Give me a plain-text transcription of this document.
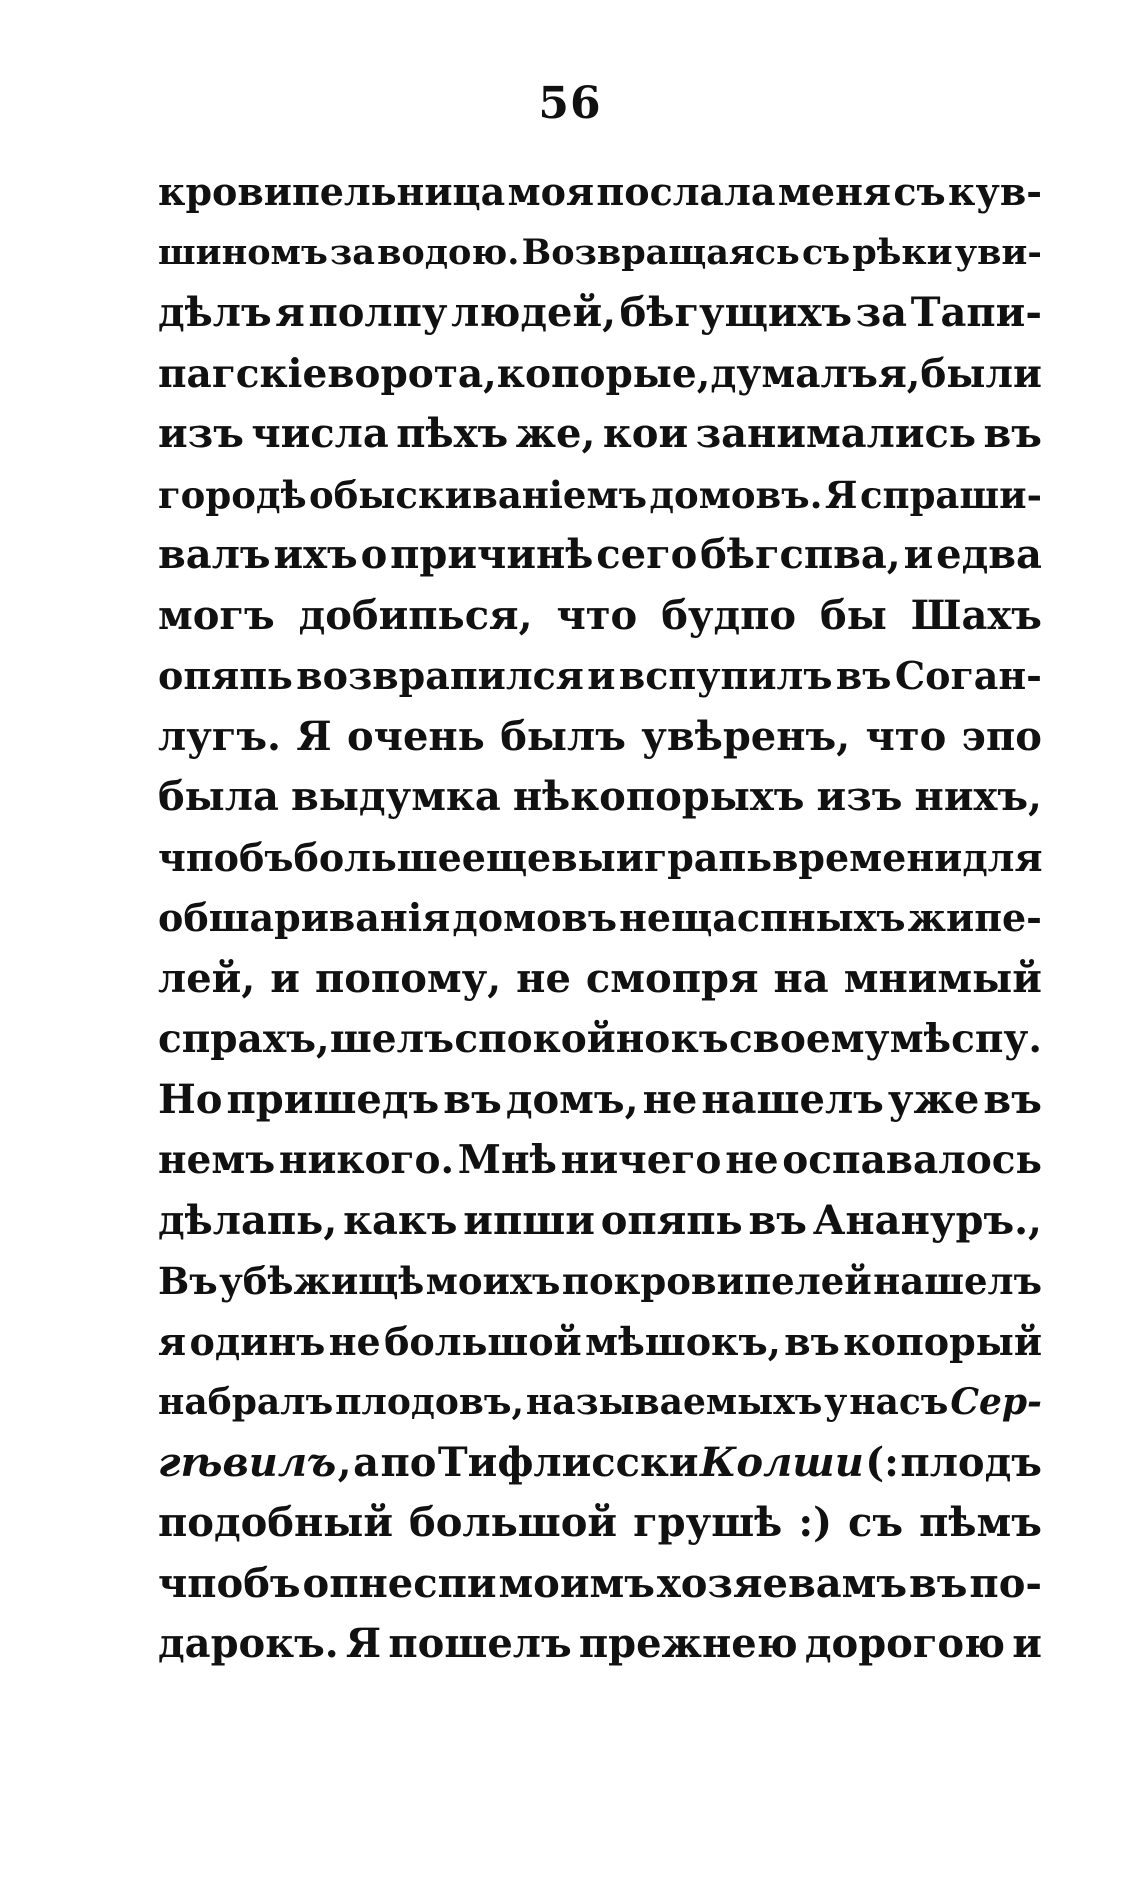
56
кровипельница моя послала меня съ кув-
шиномъ за водою. Возвращаясь съ рѣки уви-
дѣлъ я полпу людей, бѣгущихъ за Тапи-
пагскіе ворота, копорые, думалъ я, были
изъ числа пѣхъ же, кои занимались въ
городѣ обыскиваніемъ домовъ. Я спраши-
валъ ихъ о причинѣ сего бѣгспва, и едва
могъ добипься, что будпо бы Шахъ
опяпь возврапился и вспупилъ въ Соган-
лугъ. Я очень былъ увѣренъ, что эпо
была выдумка нѣкопорыхъ изъ нихъ,
чпобъ больше еще выиграпь времени для
обшариванія домовъ нещаспныхъ жипе-
лей, и попому, не смопря на мнимый
спрахъ, шелъ спокойно къ своему мѣспу.
Но пришедъ въ домъ, не нашелъ уже въ
немъ никого. Мнѣ ничего не оспавалось
дѣлапь, какъ ипши опяпь въ Анануръ.,
Въ убѣжищѣ моихъ покровипелей нашелъ
я одинъ не большой мѣшокъ, въ копорый
набралъ плодовъ, называемыхъ у насъ Сер-
гѣвилъ , а по Тифлисски Колши (: плодъ
подобный большой грушѣ :) съ пѣмъ
чпобъ опнеспи моимъ хозяевамъ въ по-
дарокъ. Я пошелъ прежнею дорогою и
